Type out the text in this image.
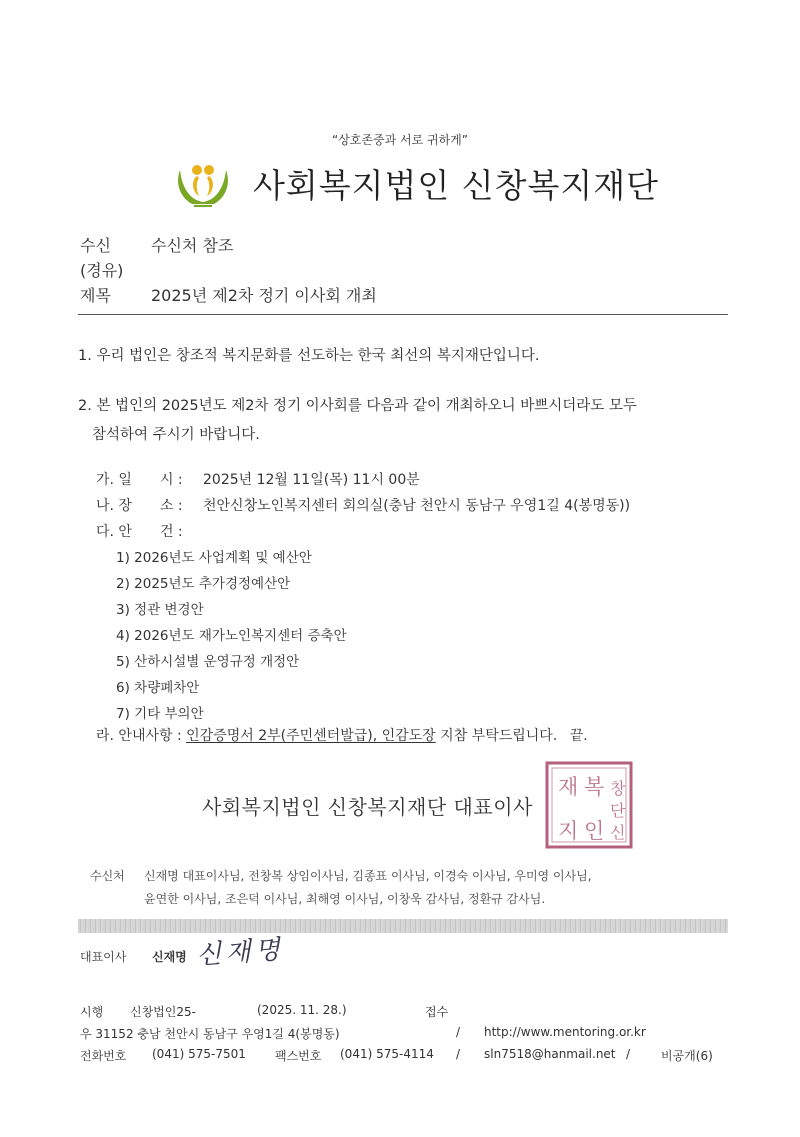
“상호존중과 서로 귀하게”
사회복지법인 신창복지재단
수신	수신처 참조
(경유)
제목	2025년 제2차 정기 이사회 개최
1. 우리 법인은 창조적 복지문화를 선도하는 한국 최선의 복지재단입니다.
2. 본 법인의 2025년도 제2차 정기 이사회를 다음과 같이 개최하오니 바쁘시더라도 모두
참석하여 주시기 바랍니다.
가. 일　　시 : 2025년 12월 11일(목) 11시 00분
나. 장　　소 : 천안신창노인복지센터 회의실(충남 천안시 동남구 우영1길 4(봉명동))
다. 안　　건 :
1) 2026년도 사업계획 및 예산안
2) 2025년도 추가경정예산안
3) 정관 변경안
4) 2026년도 재가노인복지센터 증축안
5) 산하시설별 운영규정 개정안
6) 차량폐차안
7) 기타 부의안
라. 안내사항 : 인감증명서 2부(주민센터발급), 인감도장 지참 부탁드립니다. 끝.
재 복 창
단
지 인 신
사회복지법인 신창복지재단 대표이사
수신처 신재명 대표이사님, 전창복 상임이사님, 김종표 이사님, 이경숙 이사님, 우미영 이사님,
윤연한 이사님, 조은덕 이사님, 최해영 이사님, 이창욱 감사님, 정환규 감사님.
대표이사 신재명 신 재 명
시행 신창법인25-	(2025. 11. 28.)	접수
우 31152 충남 천안시 동남구 우영1길 4(봉명동)	/ http://www.mentoring.or.kr
전화번호 (041) 575-7501 팩스번호 (041) 575-4114 / sln7518@hanmail.net /	비공개(6)
